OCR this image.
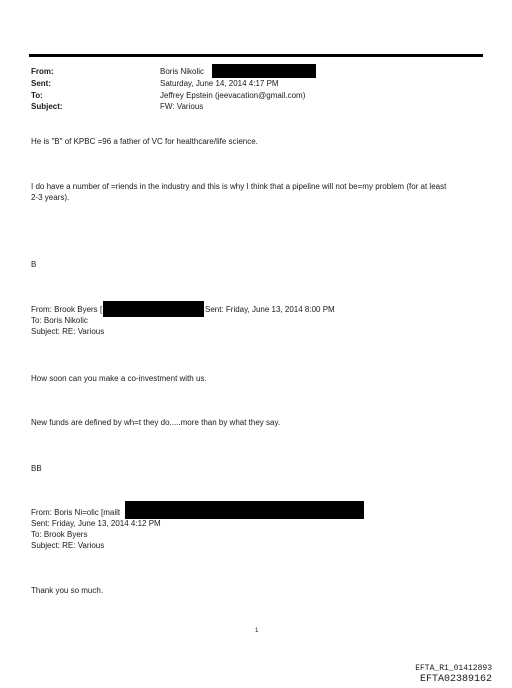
From:
Sent:
To:
Subject:
Boris Nikolic
Saturday, June 14, 2014 4:17 PM
Jeffrey Epstein (jeevacation@gmail.com)
FW: Various
He is "B" of KPBC =96 a father of VC for healthcare/life science.
I do have a number of =riends in the industry and this is why I think that a pipeline will not be=my problem (for at least
2-3 years).
B
From: Brook Byers [	Sent: Friday, June 13, 2014 8:00 PM
To: Boris Nikolic
Subject: RE: Various
How soon can you make a co-investment with us.
New funds are defined by wh=t they do.....more than by what they say.
BB
From: Boris Ni=olic [mailt
Sent: Friday, June 13, 2014 4:12 PM
To: Brook Byers
Subject: RE: Various
Thank you so much.
1
EFTA_R1_01412893
EFTA02389162
